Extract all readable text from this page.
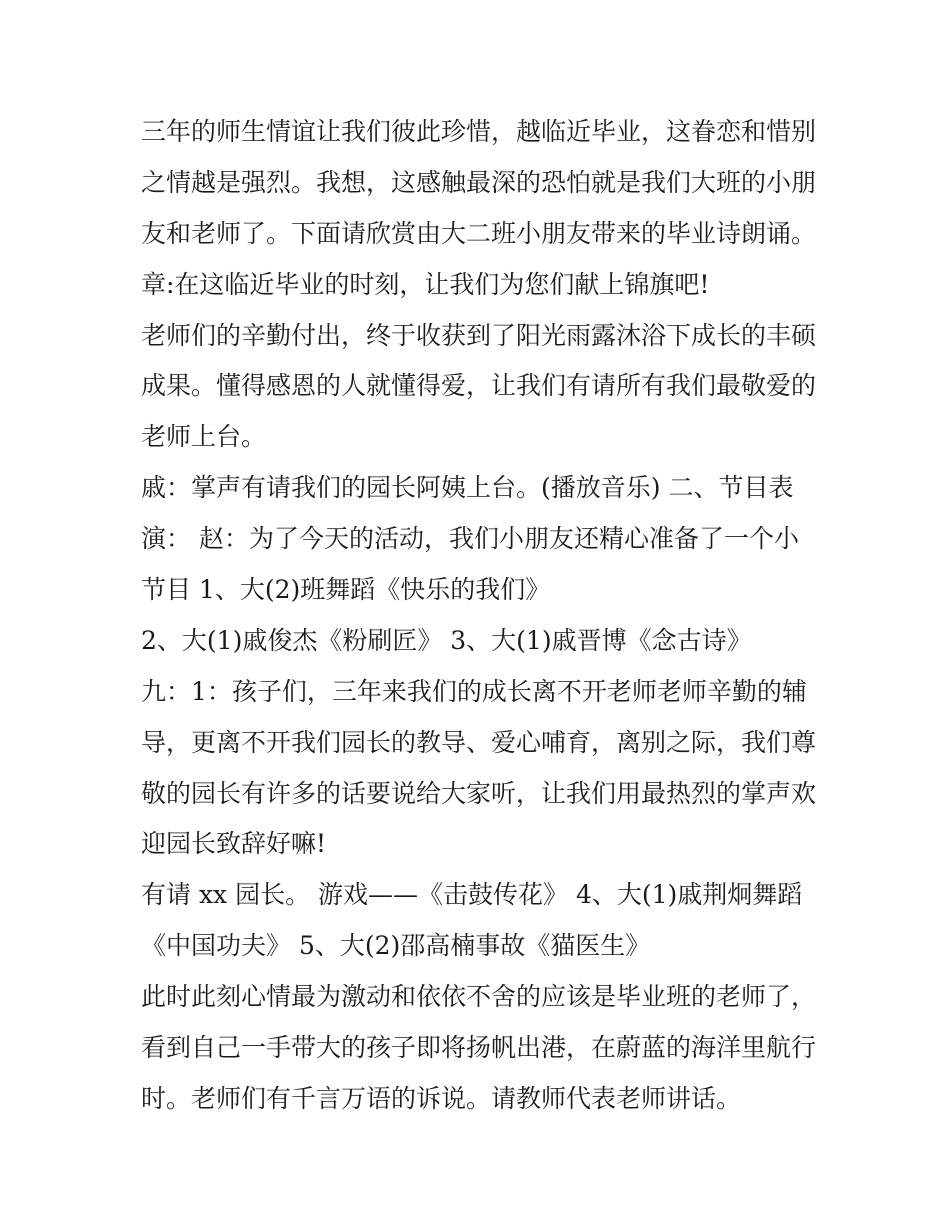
三年的师生情谊让我们彼此珍惜，越临近毕业，这眷恋和惜别
之情越是强烈。我想，这感触最深的恐怕就是我们大班的小朋
友和老师了。下面请欣赏由大二班小朋友带来的毕业诗朗诵。
章:在这临近毕业的时刻，让我们为您们献上锦旗吧!
老师们的辛勤付出，终于收获到了阳光雨露沐浴下成长的丰硕
成果。懂得感恩的人就懂得爱，让我们有请所有我们最敬爱的
老师上台。
戚：掌声有请我们的园长阿姨上台。(播放音乐) 二、节目表
演： 赵：为了今天的活动，我们小朋友还精心准备了一个小
节目 1、大(2)班舞蹈《快乐的我们》
2、大(1)戚俊杰《粉刷匠》 3、大(1)戚晋博《念古诗》
九：1：孩子们，三年来我们的成长离不开老师老师辛勤的辅
导，更离不开我们园长的教导、爱心哺育，离别之际，我们尊
敬的园长有许多的话要说给大家听，让我们用最热烈的掌声欢
迎园长致辞好嘛!
有请 xx 园长。 游戏——《击鼓传花》 4、大(1)戚荆炯舞蹈
《中国功夫》 5、大(2)邵高楠事故《猫医生》
此时此刻心情最为激动和依依不舍的应该是毕业班的老师了，
看到自己一手带大的孩子即将扬帆出港，在蔚蓝的海洋里航行
时。老师们有千言万语的诉说。请教师代表老师讲话。
